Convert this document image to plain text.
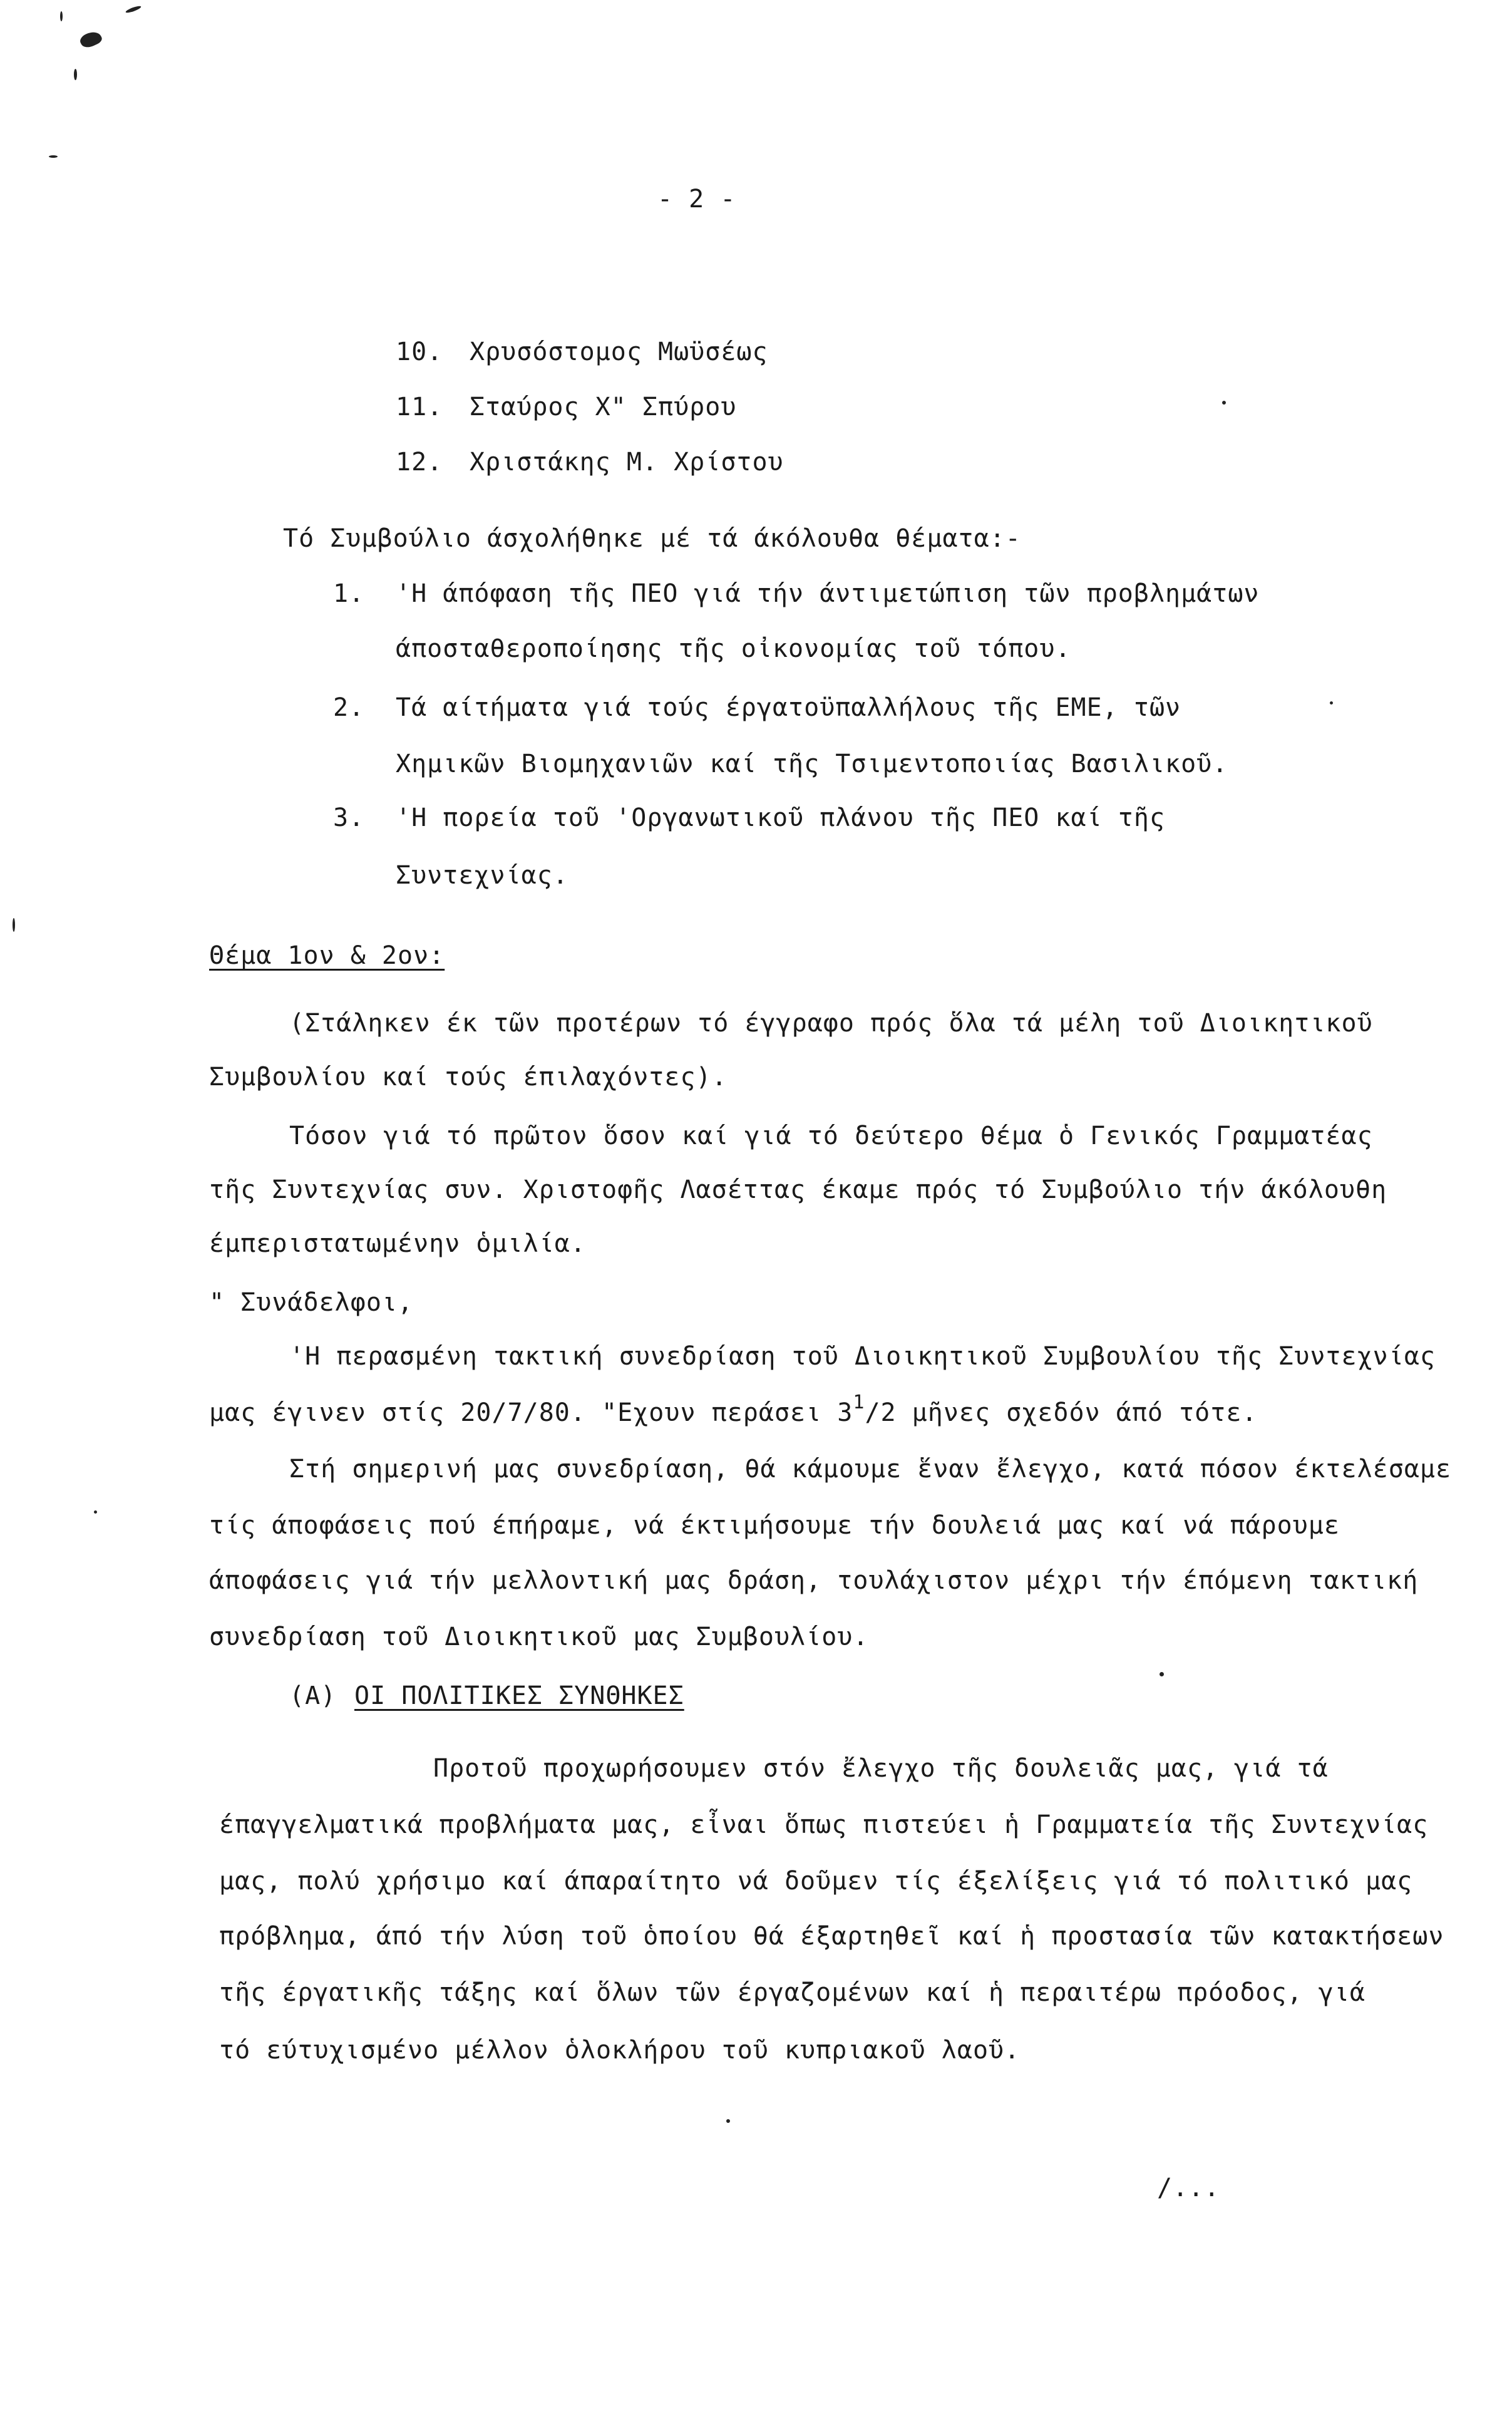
- 2 -
10. Χρυσόστομος Μωϋσέως
11. Σταύρος Χ" Σπύρου
12. Χριστάκης Μ. Χρίστου
Τό Συμβούλιο άσχολήθηκε μέ τά άκόλουθα θέματα:-
1. 'Η άπόφαση τῆς ΠΕΟ γιά τήν άντιμετώπιση τῶν προβλημάτων
άποσταθεροποίησης τῆς οἰκονομίας τοῦ τόπου.
2. Τά αίτήματα γιά τούς έργατοϋπαλλήλους τῆς ΕΜΕ, τῶν
Χημικῶν Βιομηχανιῶν καί τῆς Τσιμεντοποιίας Βασιλικοῦ.
3. 'Η πορεία τοῦ 'Οργανωτικοῦ πλάνου τῆς ΠΕΟ καί τῆς
Συντεχνίας.
Θέμα 1ον & 2ον:
(Στάληκεν έκ τῶν προτέρων τό έγγραφο πρός ὅλα τά μέλη τοῦ Διοικητικοῦ
Συμβουλίου καί τούς έπιλαχόντες).
Τόσον γιά τό πρῶτον ὅσον καί γιά τό δεύτερο θέμα ὁ Γενικός Γραμματέας
τῆς Συντεχνίας συν. Χριστοφῆς Λασέττας έκαμε πρός τό Συμβούλιο τήν άκόλουθη
έμπεριστατωμένην ὁμιλία.
" Συνάδελφοι,
'Η περασμένη τακτική συνεδρίαση τοῦ Διοικητικοῦ Συμβουλίου τῆς Συντεχνίας
μας έγινεν στίς 20/7/80. "Εχουν περάσει $3^1/2$ μῆνες σχεδόν άπό τότε.
Στή σημερινή μας συνεδρίαση, θά κάμουμε ἕναν ἔλεγχο, κατά πόσον έκτελέσαμε
τίς άποφάσεις πού έπήραμε, νά έκτιμήσουμε τήν δουλειά μας καί νά πάρουμε
άποφάσεις γιά τήν μελλοντική μας δράση, τουλάχιστον μέχρι τήν έπόμενη τακτική
συνεδρίαση τοῦ Διοικητικοῦ μας Συμβουλίου.
(Α) ΟΙ ΠΟΛΙΤΙΚΕΣ ΣΥΝΘΗΚΕΣ
Προτοῦ προχωρήσουμεν στόν ἔλεγχο τῆς δουλειᾶς μας, γιά τά
έπαγγελματικά προβλήματα μας, εἶναι ὅπως πιστεύει ἡ Γραμματεία τῆς Συντεχνίας
μας, πολύ χρήσιμο καί άπαραίτητο νά δοῦμεν τίς έξελίξεις γιά τό πολιτικό μας
πρόβλημα, άπό τήν λύση τοῦ ὁποίου θά έξαρτηθεῖ καί ἡ προστασία τῶν κατακτήσεων
τῆς έργατικῆς τάξης καί ὅλων τῶν έργαζομένων καί ἡ περαιτέρω πρόοδος, γιά
τό εύτυχισμένο μέλλον ὁλοκλήρου τοῦ κυπριακοῦ λαοῦ.
/...
